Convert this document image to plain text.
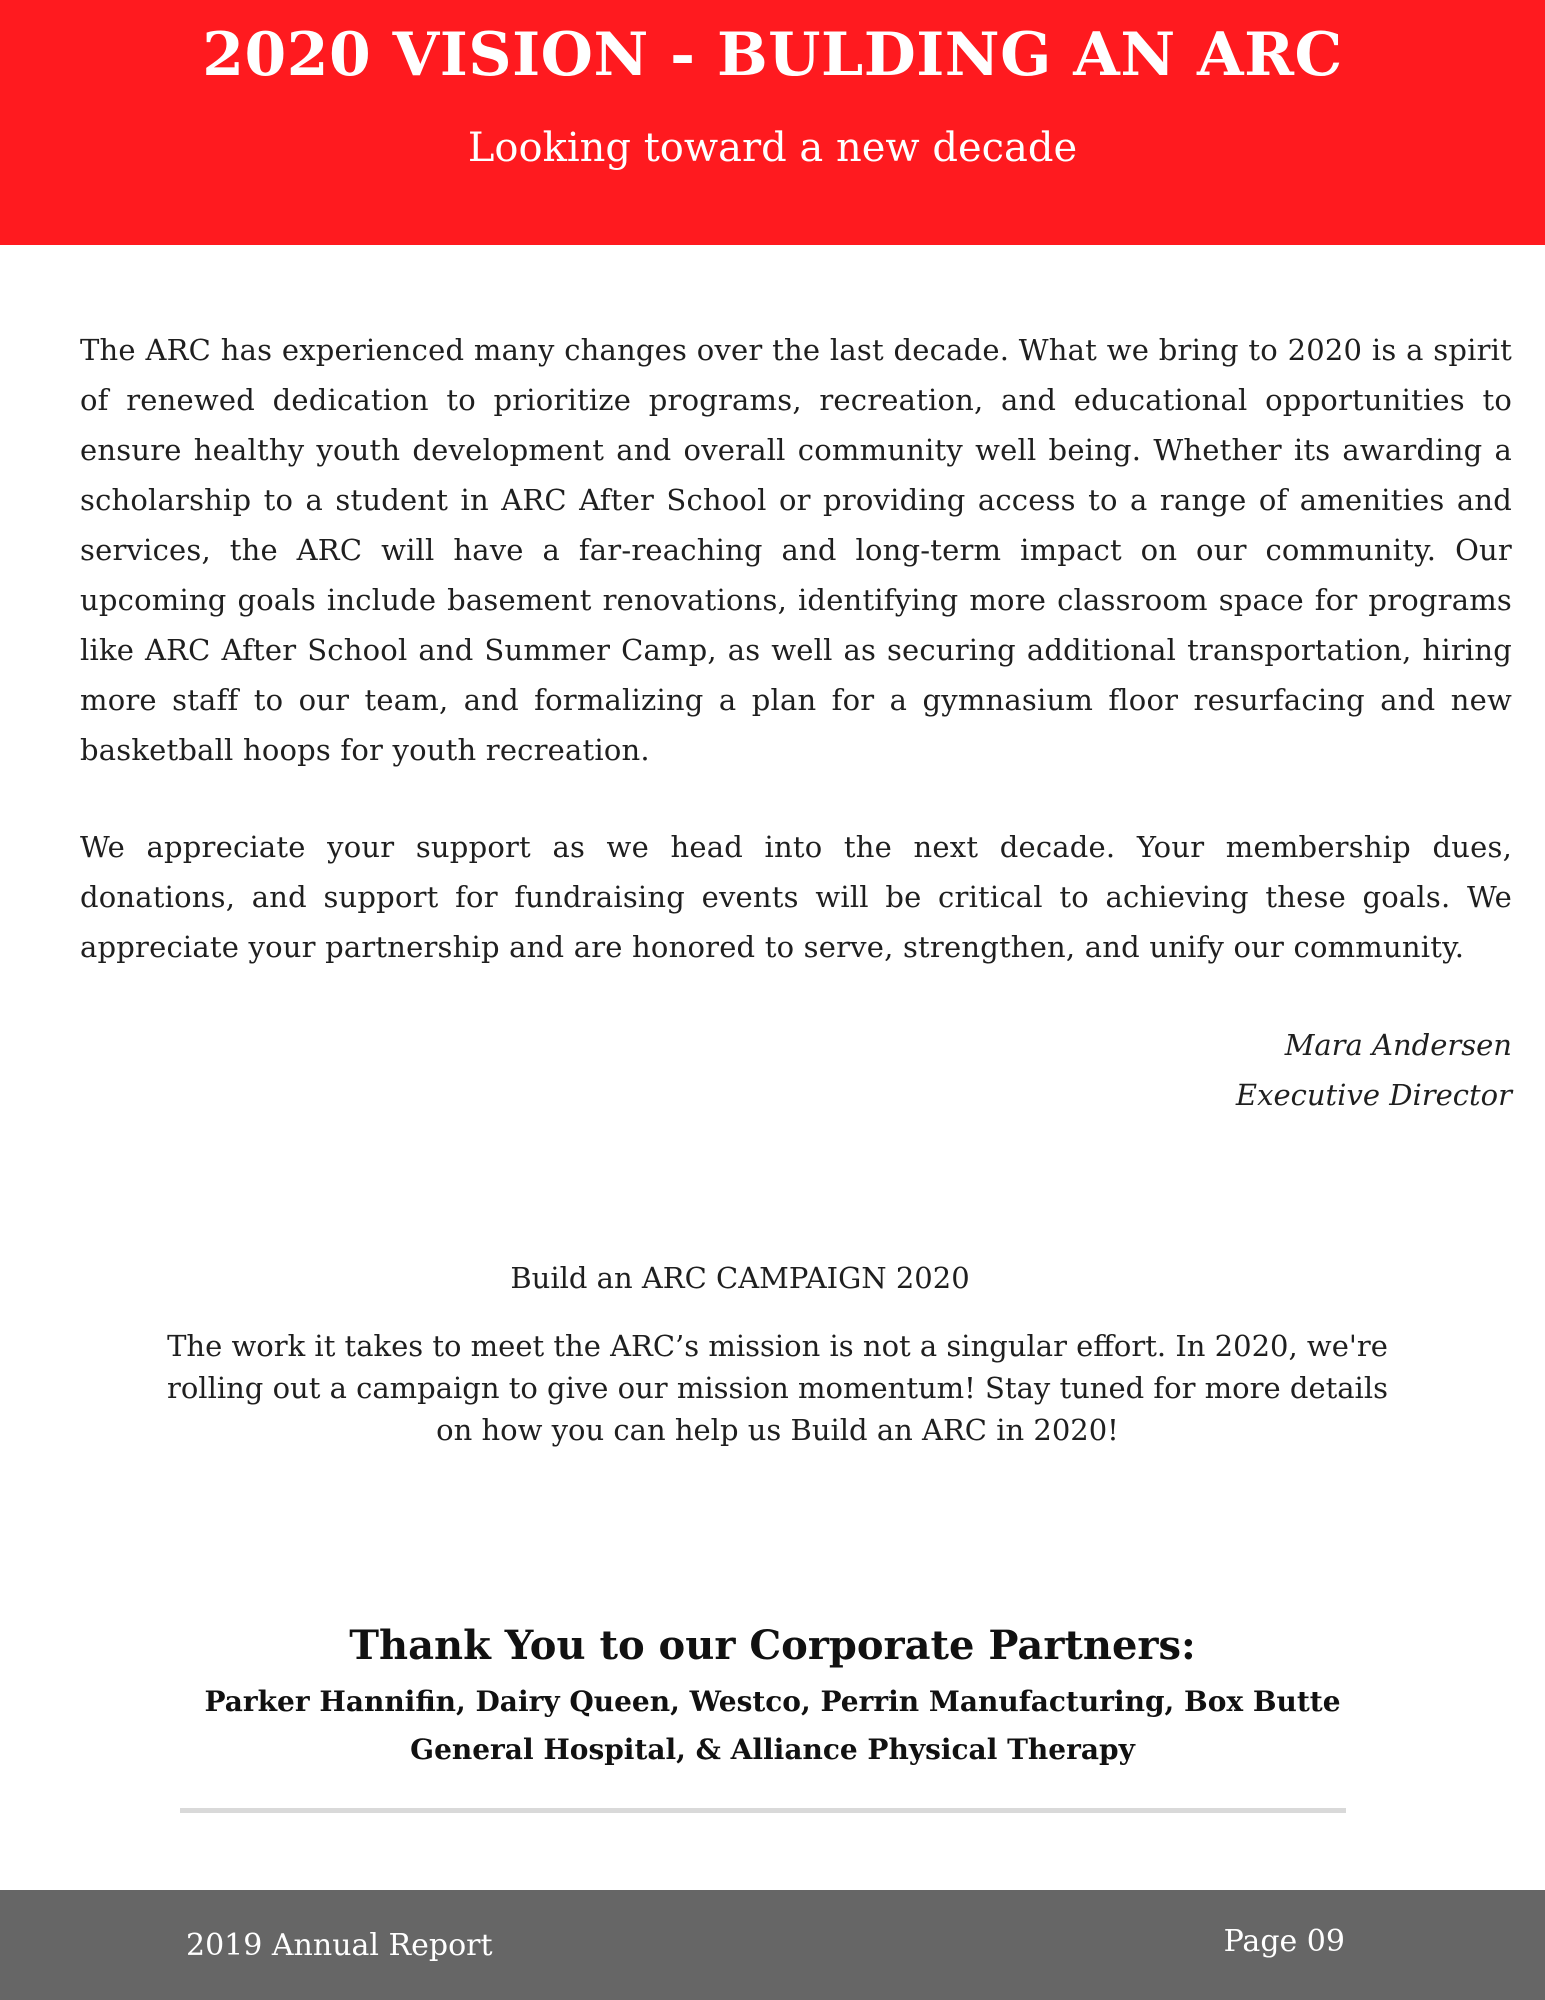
2020 VISION - BULDING AN ARC

Looking toward a new decade

The ARC has experienced many changes over the last decade. What we bring to 2020 is a spirit of renewed dedication to prioritize programs, recreation, and educational opportunities to ensure healthy youth development and overall community well being. Whether its awarding a scholarship to a student in ARC After School or providing access to a range of amenities and services, the ARC will have a far-reaching and long-term impact on our community. Our upcoming goals include basement renovations, identifying more classroom space for programs like ARC After School and Summer Camp, as well as securing additional transportation, hiring more staff to our team, and formalizing a plan for a gymnasium floor resurfacing and new basketball hoops for youth recreation.

We appreciate your support as we head into the next decade. Your membership dues, donations, and support for fundraising events will be critical to achieving these goals. We appreciate your partnership and are honored to serve, strengthen, and unify our community.

Mara Andersen

Executive Director

Build an ARC CAMPAIGN 2020

The work it takes to meet the ARC’s mission is not a singular effort. In 2020, we're rolling out a campaign to give our mission momentum! Stay tuned for more details on how you can help us Build an ARC in 2020!

Thank You to our Corporate Partners:

Parker Hannifin, Dairy Queen, Westco, Perrin Manufacturing, Box Butte General Hospital, & Alliance Physical Therapy

2019 Annual Report	Page 09
